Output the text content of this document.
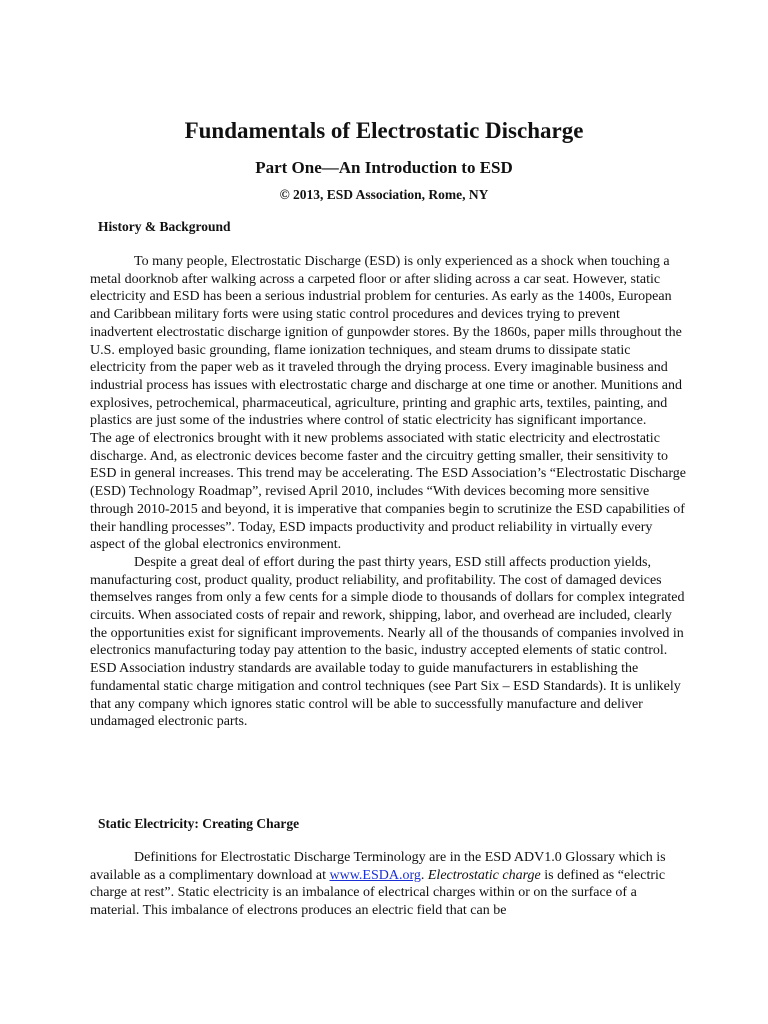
Fundamentals of Electrostatic Discharge
Part One—An Introduction to ESD
© 2013, ESD Association, Rome, NY
History & Background

To many people, Electrostatic Discharge (ESD) is only experienced as a shock when touching a metal doorknob after walking across a carpeted floor or after sliding across a car seat. However, static electricity and ESD has been a serious industrial problem for centuries. As early as the 1400s, European and Caribbean military forts were using static control procedures and devices trying to prevent inadvertent electrostatic discharge ignition of gunpowder stores. By the 1860s, paper mills throughout the U.S. employed basic grounding, flame ionization techniques, and steam drums to dissipate static electricity from the paper web as it traveled through the drying process. Every imaginable business and industrial process has issues with electrostatic charge and discharge at one time or another. Munitions and explosives, petrochemical, pharmaceutical, agriculture, printing and graphic arts, textiles, painting, and plastics are just some of the industries where control of static electricity has significant importance.

The age of electronics brought with it new problems associated with static electricity and electrostatic discharge. And, as electronic devices become faster and the circuitry getting smaller, their sensitivity to ESD in general increases. This trend may be accelerating. The ESD Association’s “Electrostatic Discharge (ESD) Technology Roadmap”, revised April 2010, includes “With devices becoming more sensitive through 2010-2015 and beyond, it is imperative that companies begin to scrutinize the ESD capabilities of their handling processes”. Today, ESD impacts productivity and product reliability in virtually every aspect of the global electronics environment.

Despite a great deal of effort during the past thirty years, ESD still affects production yields, manufacturing cost, product quality, product reliability, and profitability. The cost of damaged devices themselves ranges from only a few cents for a simple diode to thousands of dollars for complex integrated circuits. When associated costs of repair and rework, shipping, labor, and overhead are included, clearly the opportunities exist for significant improvements. Nearly all of the thousands of companies involved in electronics manufacturing today pay attention to the basic, industry accepted elements of static control. ESD Association industry standards are available today to guide manufacturers in establishing the fundamental static charge mitigation and control techniques (see Part Six – ESD Standards). It is unlikely that any company which ignores static control will be able to successfully manufacture and deliver undamaged electronic parts.

Static Electricity: Creating Charge

Definitions for Electrostatic Discharge Terminology are in the ESD ADV1.0 Glossary which is available as a complimentary download at www.ESDA.org. Electrostatic charge is defined as “electric charge at rest”. Static electricity is an imbalance of electrical charges within or on the surface of a material. This imbalance of electrons produces an electric field that can be
